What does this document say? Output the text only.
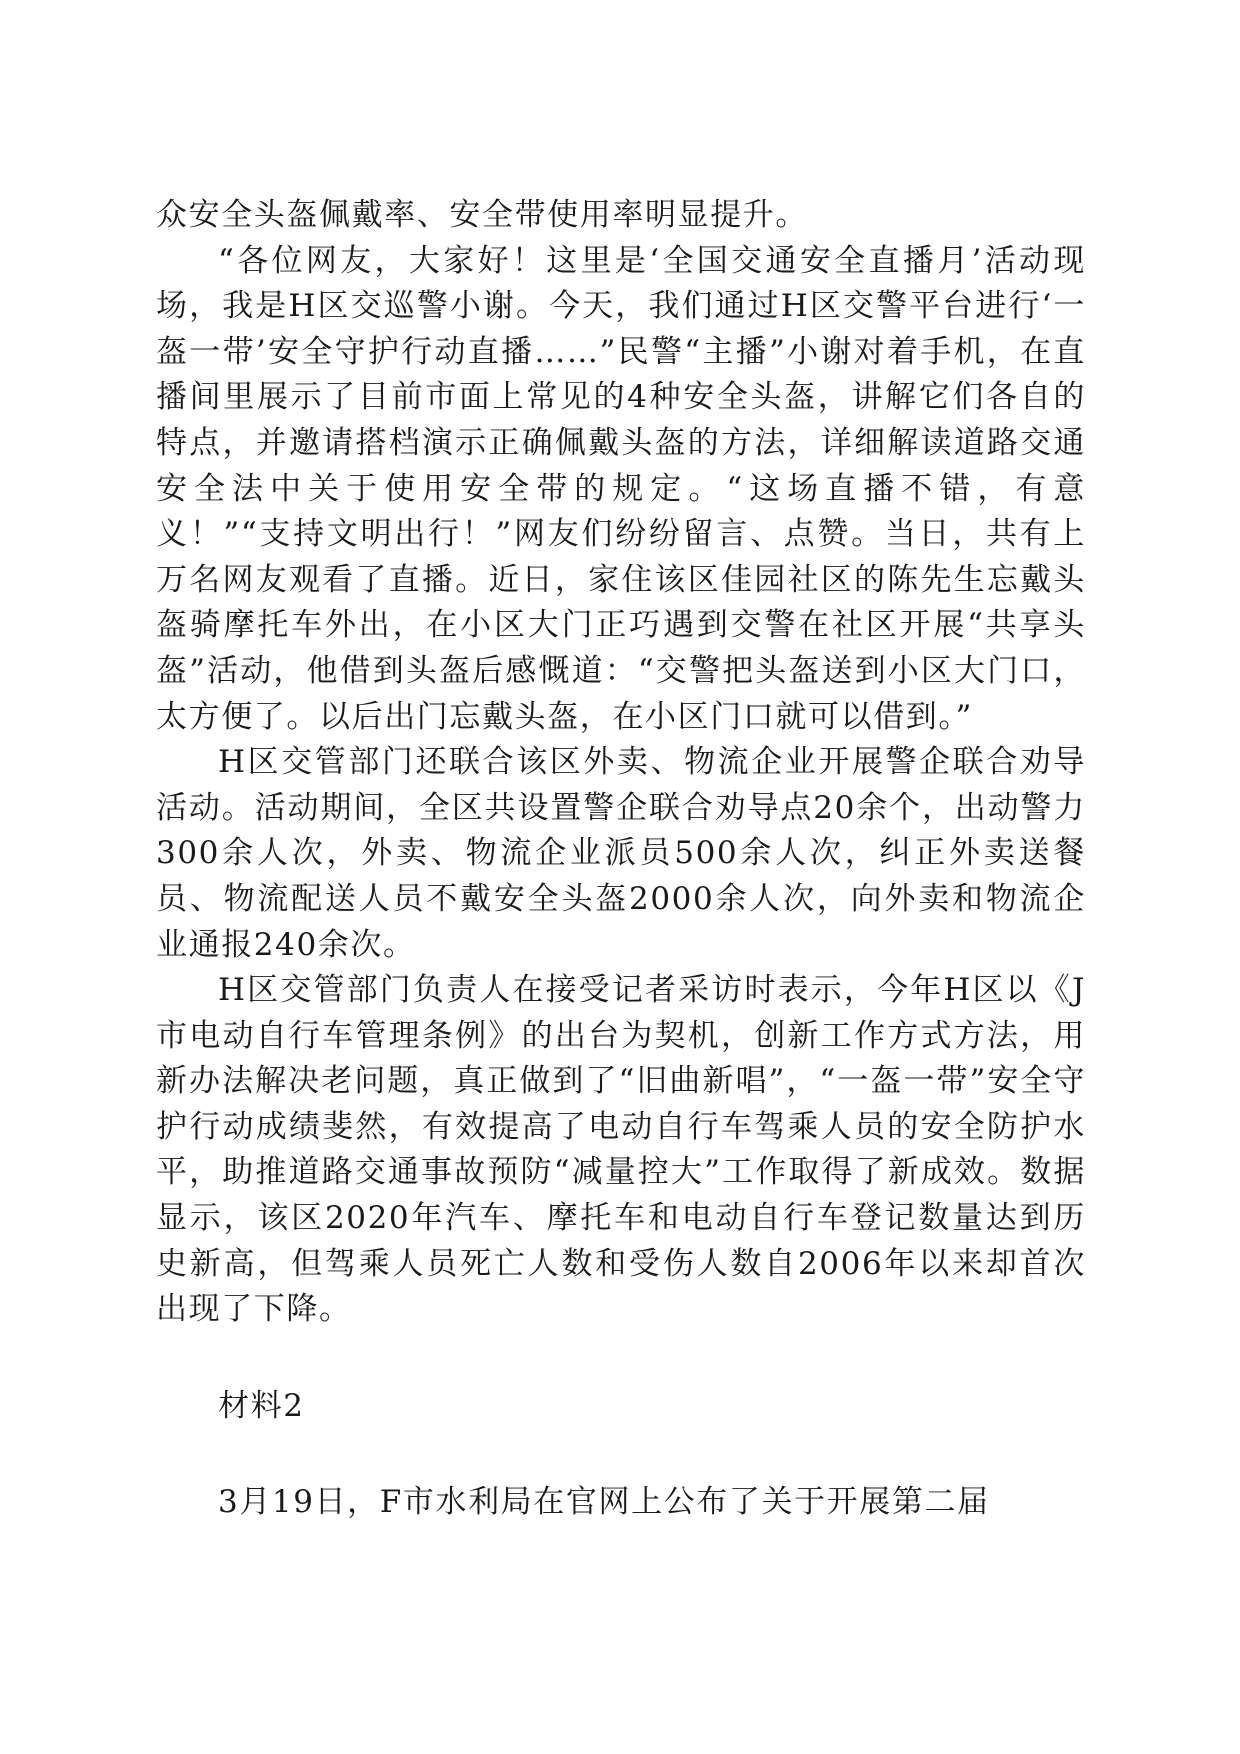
众安全头盔佩戴率、安全带使用率明显提升。

“各位网友，大家好！这里是‘全国交通安全直播月’活动现场，我是H区交巡警小谢。今天，我们通过H区交警平台进行‘一盔一带’安全守护行动直播……”民警“主播”小谢对着手机，在直播间里展示了目前市面上常见的4种安全头盔，讲解它们各自的特点，并邀请搭档演示正确佩戴头盔的方法，详细解读道路交通安全法中关于使用安全带的规定。“这场直播不错，有意义！”“支持文明出行！”网友们纷纷留言、点赞。当日，共有上万名网友观看了直播。近日，家住该区佳园社区的陈先生忘戴头盔骑摩托车外出，在小区大门正巧遇到交警在社区开展“共享头盔”活动，他借到头盔后感慨道：“交警把头盔送到小区大门口，太方便了。以后出门忘戴头盔，在小区门口就可以借到。”

H区交管部门还联合该区外卖、物流企业开展警企联合劝导活动。活动期间，全区共设置警企联合劝导点20余个，出动警力300余人次，外卖、物流企业派员500余人次，纠正外卖送餐员、物流配送人员不戴安全头盔2000余人次，向外卖和物流企业通报240余次。

H区交管部门负责人在接受记者采访时表示，今年H区以《J市电动自行车管理条例》的出台为契机，创新工作方式方法，用新办法解决老问题，真正做到了“旧曲新唱”，“一盔一带”安全守护行动成绩斐然，有效提高了电动自行车驾乘人员的安全防护水平，助推道路交通事故预防“减量控大”工作取得了新成效。数据显示，该区2020年汽车、摩托车和电动自行车登记数量达到历史新高，但驾乘人员死亡人数和受伤人数自2006年以来却首次出现了下降。

材料2

3月19日，F市水利局在官网上公布了关于开展第二届
